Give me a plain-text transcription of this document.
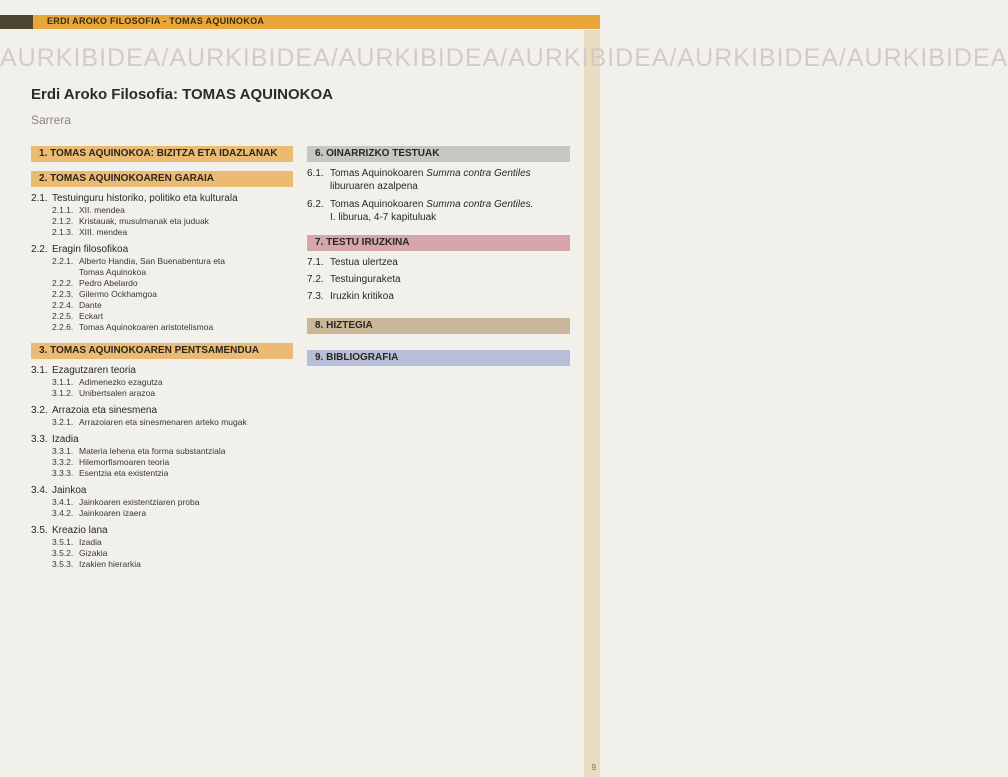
ERDI AROKO FILOSOFIA - TOMAS AQUINOKOA
9
AURKIBIDEA/AURKIBIDEA/AURKIBIDEA/AURKIBIDEA/AURKIBIDEA/AURKIBIDEA
Erdi Aroko Filosofia: TOMAS AQUINOKOA
Sarrera
1. TOMAS AQUINOKOA: BIZITZA ETA IDAZLANAK
2. TOMAS AQUINOKOAREN GARAIA
2.1. Testuinguru historiko, politiko eta kulturala
2.1.1. XII. mendea
2.1.2. Kristauak, musulmanak eta juduak
2.1.3. XIII. mendea
2.2. Eragin filosofikoa
2.2.1. Alberto Handia, San Buenabentura eta Tomas Aquinokoa
2.2.2. Pedro Abelardo
2.2.3. Gilermo Ockhamgoa
2.2.4. Dante
2.2.5. Eckart
2.2.6. Tomas Aquinokoaren aristotelismoa
3. TOMAS AQUINOKOAREN PENTSAMENDUA
3.1. Ezagutzaren teoria
3.1.1. Adimenezko ezagutza
3.1.2. Unibertsalen arazoa
3.2. Arrazoia eta sinesmena
3.2.1. Arrazoiaren eta sinesmenaren arteko mugak
3.3. Izadia
3.3.1. Materia lehena eta forma substantziala
3.3.2. Hilemorfismoaren teoria
3.3.3. Esentzia eta existentzia
3.4. Jainkoa
3.4.1. Jainkoaren existentziaren proba
3.4.2. Jainkoaren izaera
3.5. Kreazio lana
3.5.1. Izadia
3.5.2. Gizakia
3.5.3. Izakien hierarkia
6. OINARRIZKO TESTUAK
6.1. Tomas Aquinokoaren Summa contra Gentiles
liburuaren azalpena
6.2. Tomas Aquinokoaren Summa contra Gentiles.
I. liburua, 4-7 kapituluak
7. TESTU IRUZKINA
7.1. Testua ulertzea
7.2. Testuinguraketa
7.3. Iruzkin kritikoa
8. HIZTEGIA
9. BIBLIOGRAFIA
